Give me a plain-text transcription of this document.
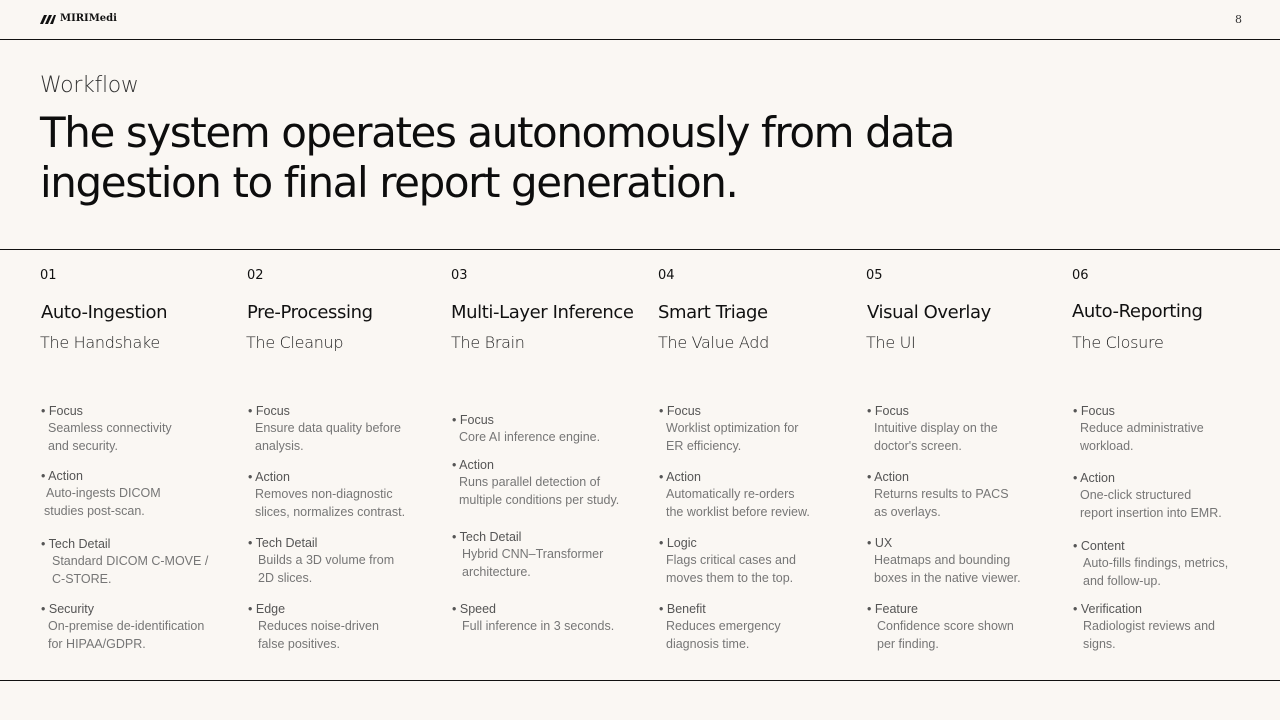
MIRIMedi	8
Workflow
The system operates autonomously from data
ingestion to final report generation.
01
Auto-Ingestion
The Handshake
• Focus
Seamless connectivity
and security.
• Action
Auto-ingests DICOM
studies post-scan.
• Tech Detail
Standard DICOM C-MOVE /
C-STORE.
• Security
On-premise de-identification
for HIPAA/GDPR.
02
Pre-Processing
The Cleanup
• Focus
Ensure data quality before
analysis.
• Action
Removes non-diagnostic
slices, normalizes contrast.
• Tech Detail
Builds a 3D volume from
2D slices.
• Edge
Reduces noise-driven
false positives.
03
Multi-Layer Inference
The Brain
• Focus
Core AI inference engine.
• Action
Runs parallel detection of
multiple conditions per study.
• Tech Detail
Hybrid CNN–Transformer
architecture.
• Speed
Full inference in 3 seconds.
04
Smart Triage
The Value Add
• Focus
Worklist optimization for
ER efficiency.
• Action
Automatically re-orders
the worklist before review.
• Logic
Flags critical cases and
moves them to the top.
• Benefit
Reduces emergency
diagnosis time.
05
Visual Overlay
The UI
• Focus
Intuitive display on the
doctor's screen.
• Action
Returns results to PACS
as overlays.
• UX
Heatmaps and bounding
boxes in the native viewer.
• Feature
Confidence score shown
per finding.
06
Auto-Reporting
The Closure
• Focus
Reduce administrative
workload.
• Action
One-click structured
report insertion into EMR.
• Content
Auto-fills findings, metrics,
and follow-up.
• Verification
Radiologist reviews and
signs.
